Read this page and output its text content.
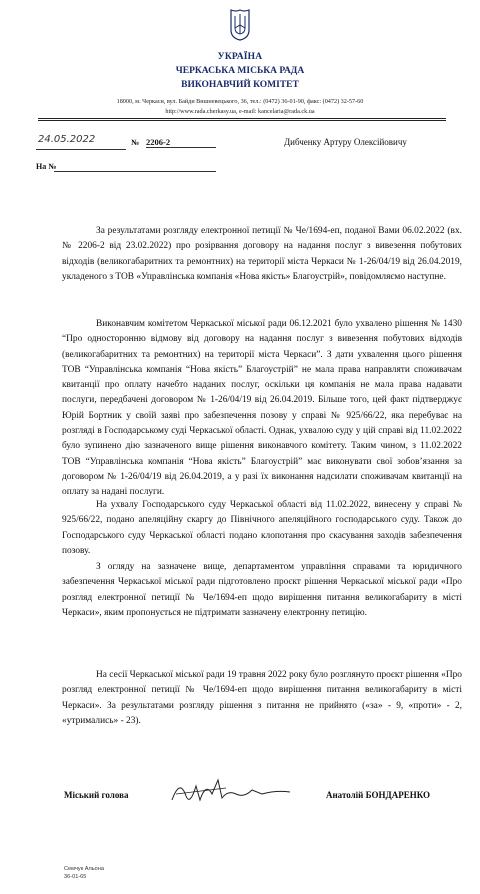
УКРАЇНА
ЧЕРКАСЬКА МІСЬКА РАДА
ВИКОНАВЧИЙ КОМІТЕТ
18000, м. Черкаси, вул. Байди Вишневецького, 36, тел.: (0472) 36-01-90, факс: (0472) 32-57-60
http://www.rada.cherkasy.ua, e-mail: kancelaria@rada.ck.ua
24.05.2022	№ 2206-2	Дибченку Артуру Олексійовичу
На №

За результатами розгляду електронної петиції № Че/1694-еп, поданої Вами 06.02.2022 (вх. № 2206-2 від 23.02.2022) про розірвання договору на надання послуг з вивезення побутових відходів (великогабаритних та ремонтних) на території міста Черкаси № 1-26/04/19 від 26.04.2019, укладеного з ТОВ «Управлінська компанія «Нова якість» Благоустрій», повідомляємо наступне.

Виконавчим комітетом Черкаської міської ради 06.12.2021 було ухвалено рішення № 1430 “Про односторонню відмову від договору на надання послуг з вивезення побутових відходів (великогабаритних та ремонтних) на території міста Черкаси”. З дати ухвалення цього рішення ТОВ “Управлінська компанія “Нова якість” Благоустрій” не мала права направляти споживачам квитанції про оплату начебто наданих послуг, оскільки ця компанія не мала права надавати послуги, передбачені договором № 1-26/04/19 від 26.04.2019. Більше того, цей факт підтверджує Юрій Бортник у своїй заяві про забезпечення позову у справі № 925/66/22, яка перебуває на розгляді в Господарському суді Черкаської області. Однак, ухвалою суду у цій справі від 11.02.2022 було зупинено дію зазначеного вище рішення виконавчого комітету. Таким чином, з 11.02.2022 ТОВ “Управлінська компанія “Нова якість” Благоустрій” має виконувати свої зобов’язання за договором № 1-26/04/19 від 26.04.2019, а у разі їх виконання надсилати споживачам квитанції на оплату за надані послуги.

На ухвалу Господарського суду Черкаської області від 11.02.2022, винесену у справі № 925/66/22, подано апеляційну скаргу до Північного апеляційного господарського суду. Також до Господарського суду Черкаської області подано клопотання про скасування заходів забезпечення позову.

З огляду на зазначене вище, департаментом управління справами та юридичного забезпечення Черкаської міської ради підготовлено проєкт рішення Черкаської міської ради «Про розгляд електронної петиції № Че/1694-еп щодо вирішення питання великогабариту в місті Черкаси», яким пропонується не підтримати зазначену електронну петицію.

На сесії Черкаської міської ради 19 травня 2022 року було розглянуто проєкт рішення «Про розгляд електронної петиції № Че/1694-еп щодо вирішення питання великогабариту в місті Черкаси». За результатами розгляду рішення з питання не прийнято («за» - 9, «проти» - 2, «утримались» - 23).

Міський голова	Анатолій БОНДАРЕНКО
Семчук Альона
36-01-65
